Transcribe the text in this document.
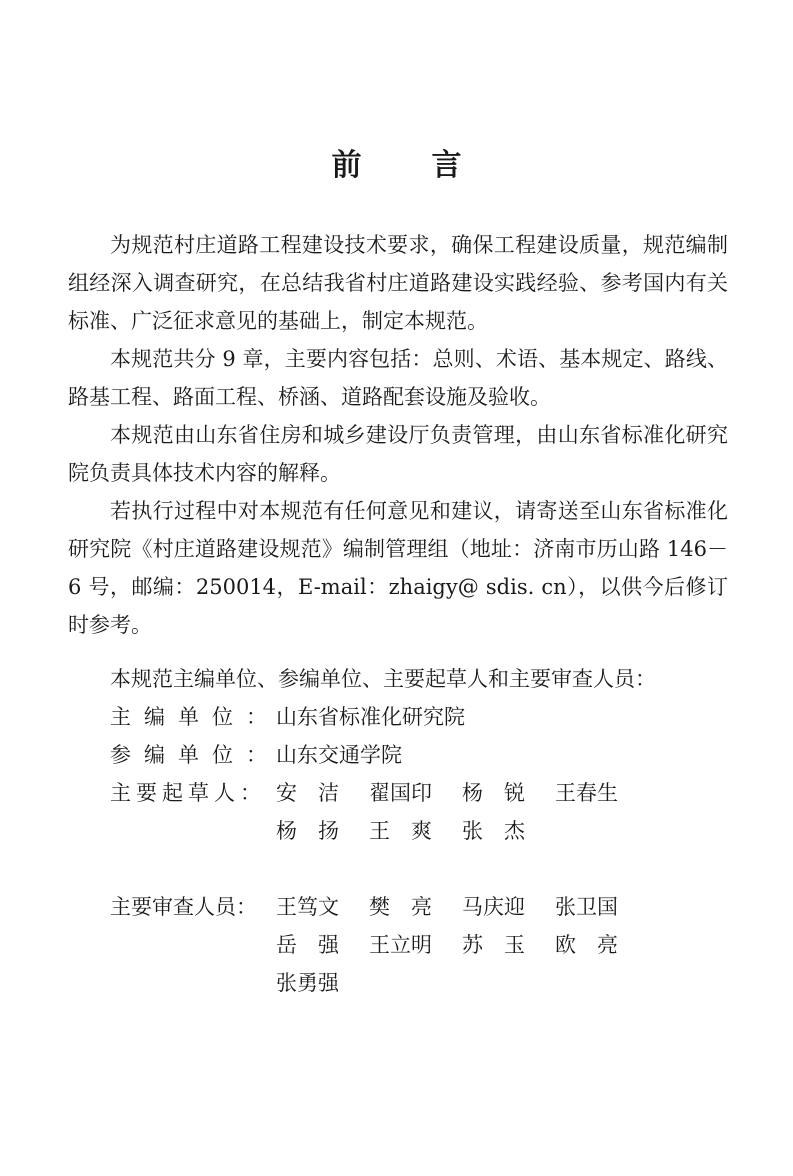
前 言

为规范村庄道路工程建设技术要求，确保工程建设质量，规范编制组经深入调查研究，在总结我省村庄道路建设实践经验、参考国内有关标准、广泛征求意见的基础上，制定本规范。

本规范共分 9 章，主要内容包括：总则、术语、基本规定、路线、路基工程、路面工程、桥涵、道路配套设施及验收。

本规范由山东省住房和城乡建设厅负责管理，由山东省标准化研究院负责具体技术内容的解释。

若执行过程中对本规范有任何意见和建议，请寄送至山东省标准化研究院《村庄道路建设规范》编制管理组（地址：济南市历山路 146－6 号，邮编：250014，E-mail：zhaigy@ sdis. cn），以供今后修订时参考。

本规范主编单位、参编单位、主要起草人和主要审查人员：

主编单位：
山东省标准化研究院
参编单位：
山东交通学院
主要起草人： 安　洁	翟国印	杨　锐	王春生
杨　扬	王　爽	张　杰
主要审查人员： 王笃文	樊　亮	马庆迎	张卫国
岳　强	王立明	苏　玉	欧　亮
张勇强
